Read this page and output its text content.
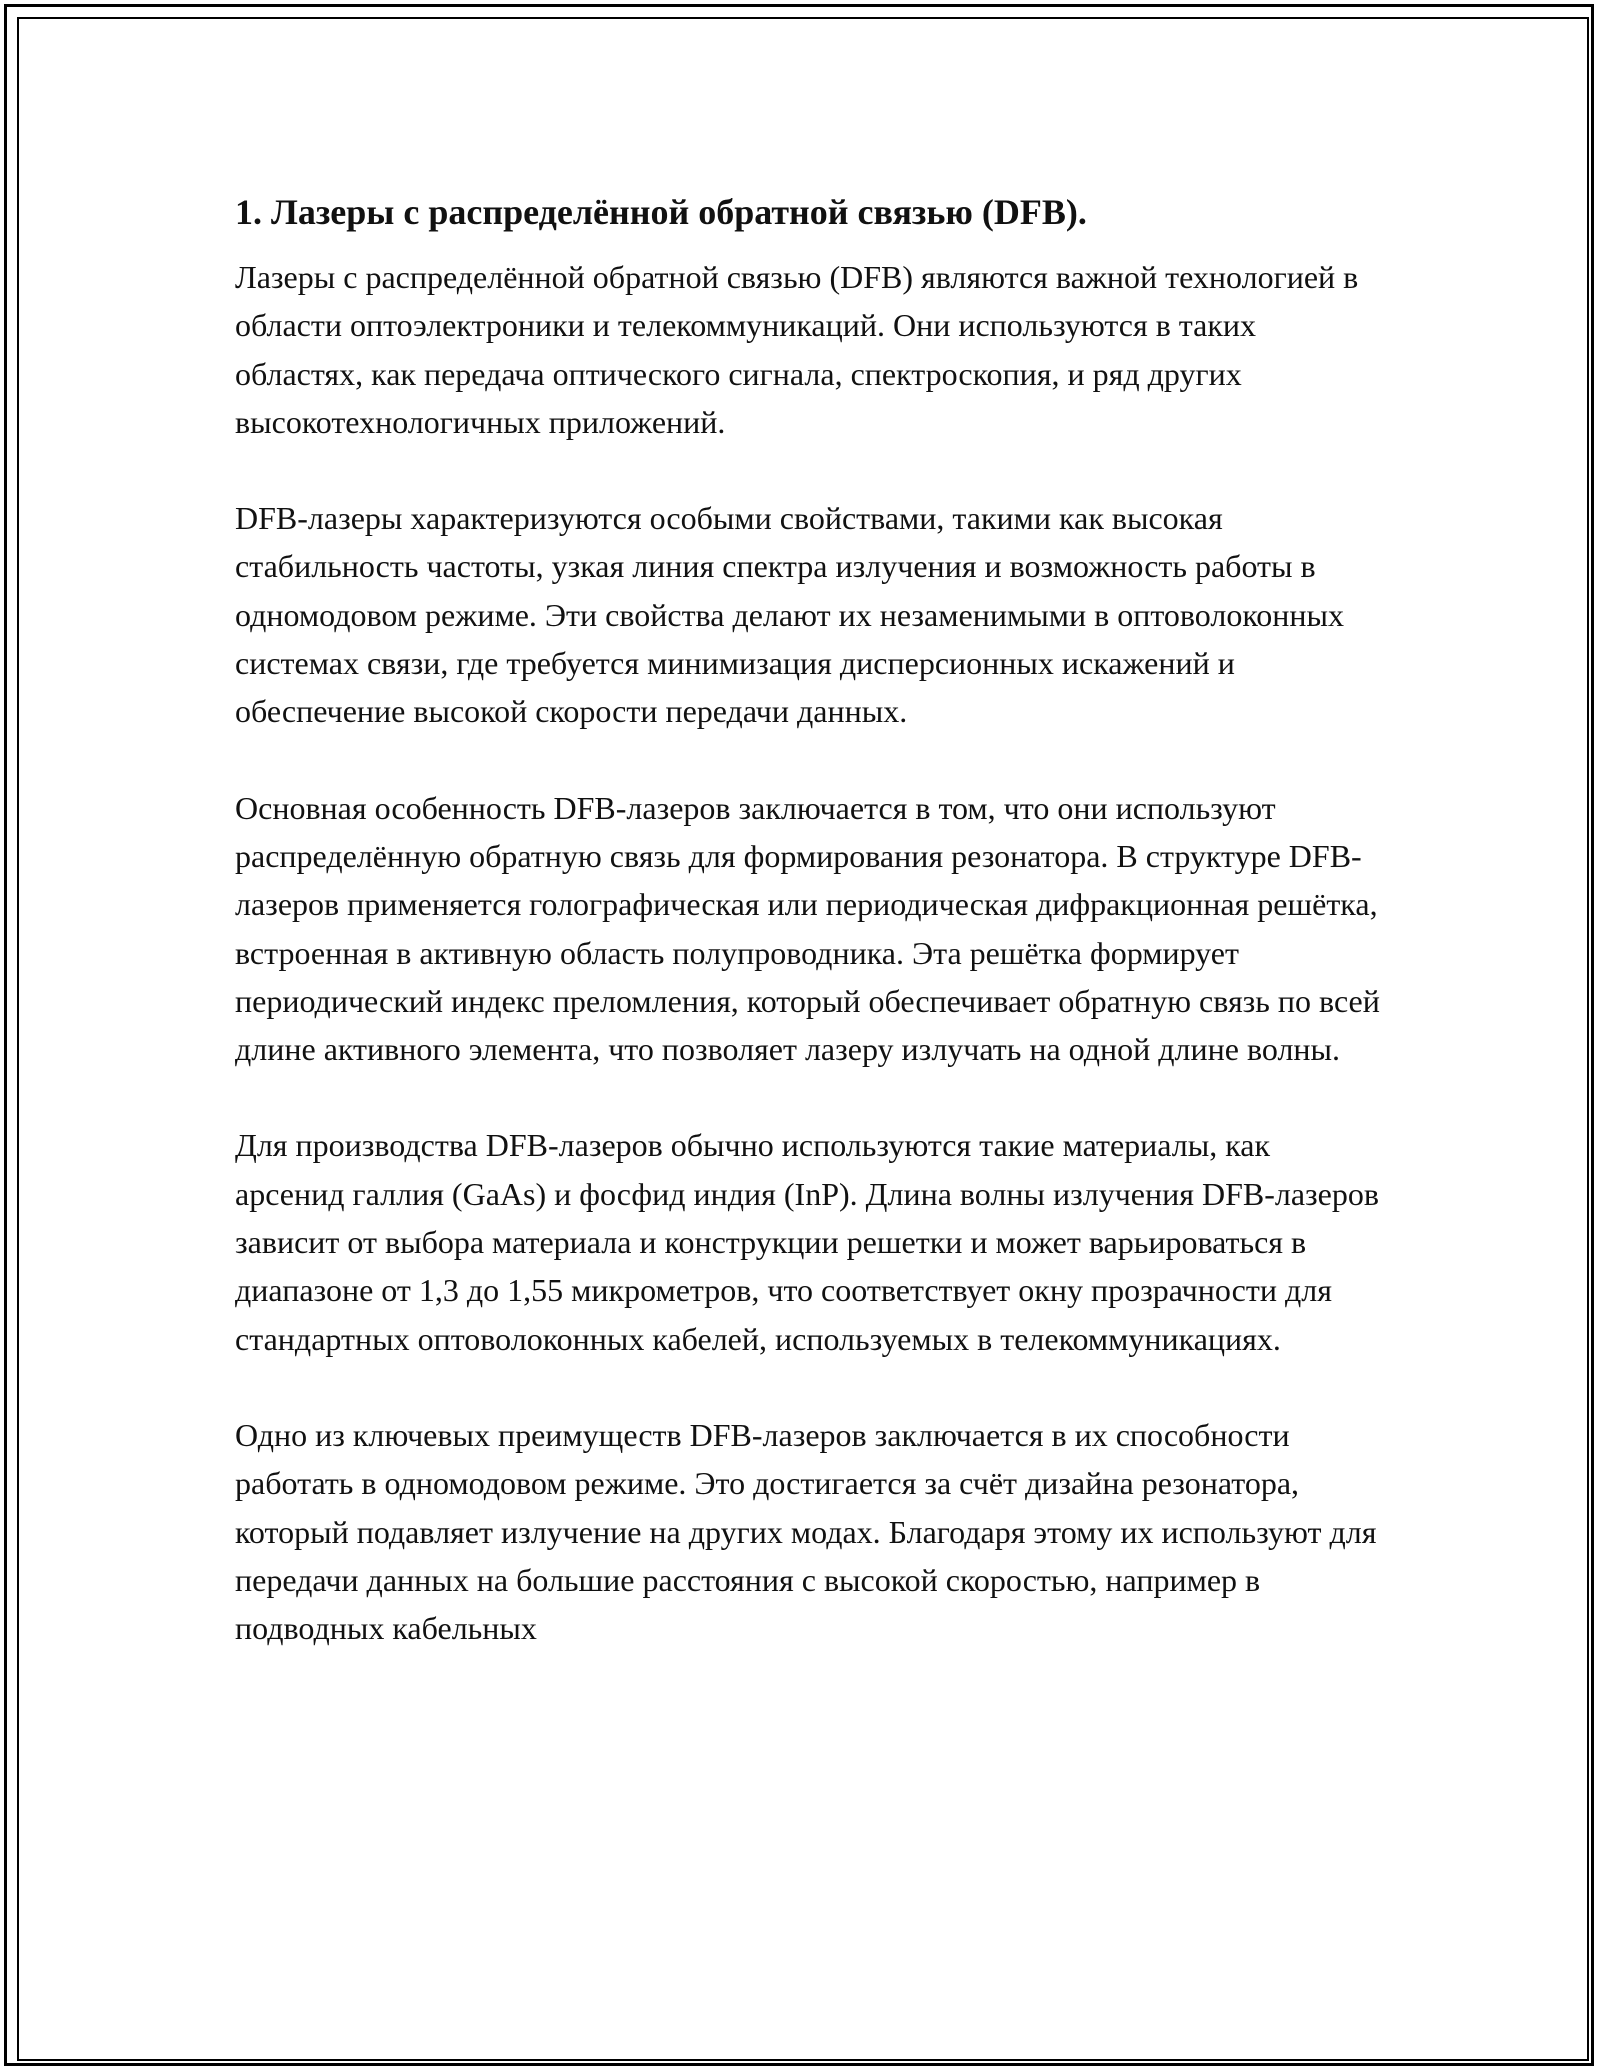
1. Лазеры с распределённой обратной связью (DFB).

Лазеры с распределённой обратной связью (DFB) являются важной технологией в области оптоэлектроники и телекоммуникаций. Они используются в таких областях, как передача оптического сигнала, спектроскопия, и ряд других высокотехнологичных приложений.

DFB-лазеры характеризуются особыми свойствами, такими как высокая стабильность частоты, узкая линия спектра излучения и возможность работы в одномодовом режиме. Эти свойства делают их незаменимыми в оптоволоконных системах связи, где требуется минимизация дисперсионных искажений и обеспечение высокой скорости передачи данных.

Основная особенность DFB-лазеров заключается в том, что они используют распределённую обратную связь для формирования резонатора. В структуре DFB-лазеров применяется голографическая или периодическая дифракционная решётка, встроенная в активную область полупроводника. Эта решётка формирует периодический индекс преломления, который обеспечивает обратную связь по всей длине активного элемента, что позволяет лазеру излучать на одной длине волны.

Для производства DFB-лазеров обычно используются такие материалы, как арсенид галлия (GaAs) и фосфид индия (InP). Длина волны излучения DFB-лазеров зависит от выбора материала и конструкции решетки и может варьироваться в диапазоне от 1,3 до 1,55 микрометров, что соответствует окну прозрачности для стандартных оптоволоконных кабелей, используемых в телекоммуникациях.

Одно из ключевых преимуществ DFB-лазеров заключается в их способности работать в одномодовом режиме. Это достигается за счёт дизайна резонатора, который подавляет излучение на других модах. Благодаря этому их используют для передачи данных на большие расстояния с высокой скоростью, например в подводных кабельных
